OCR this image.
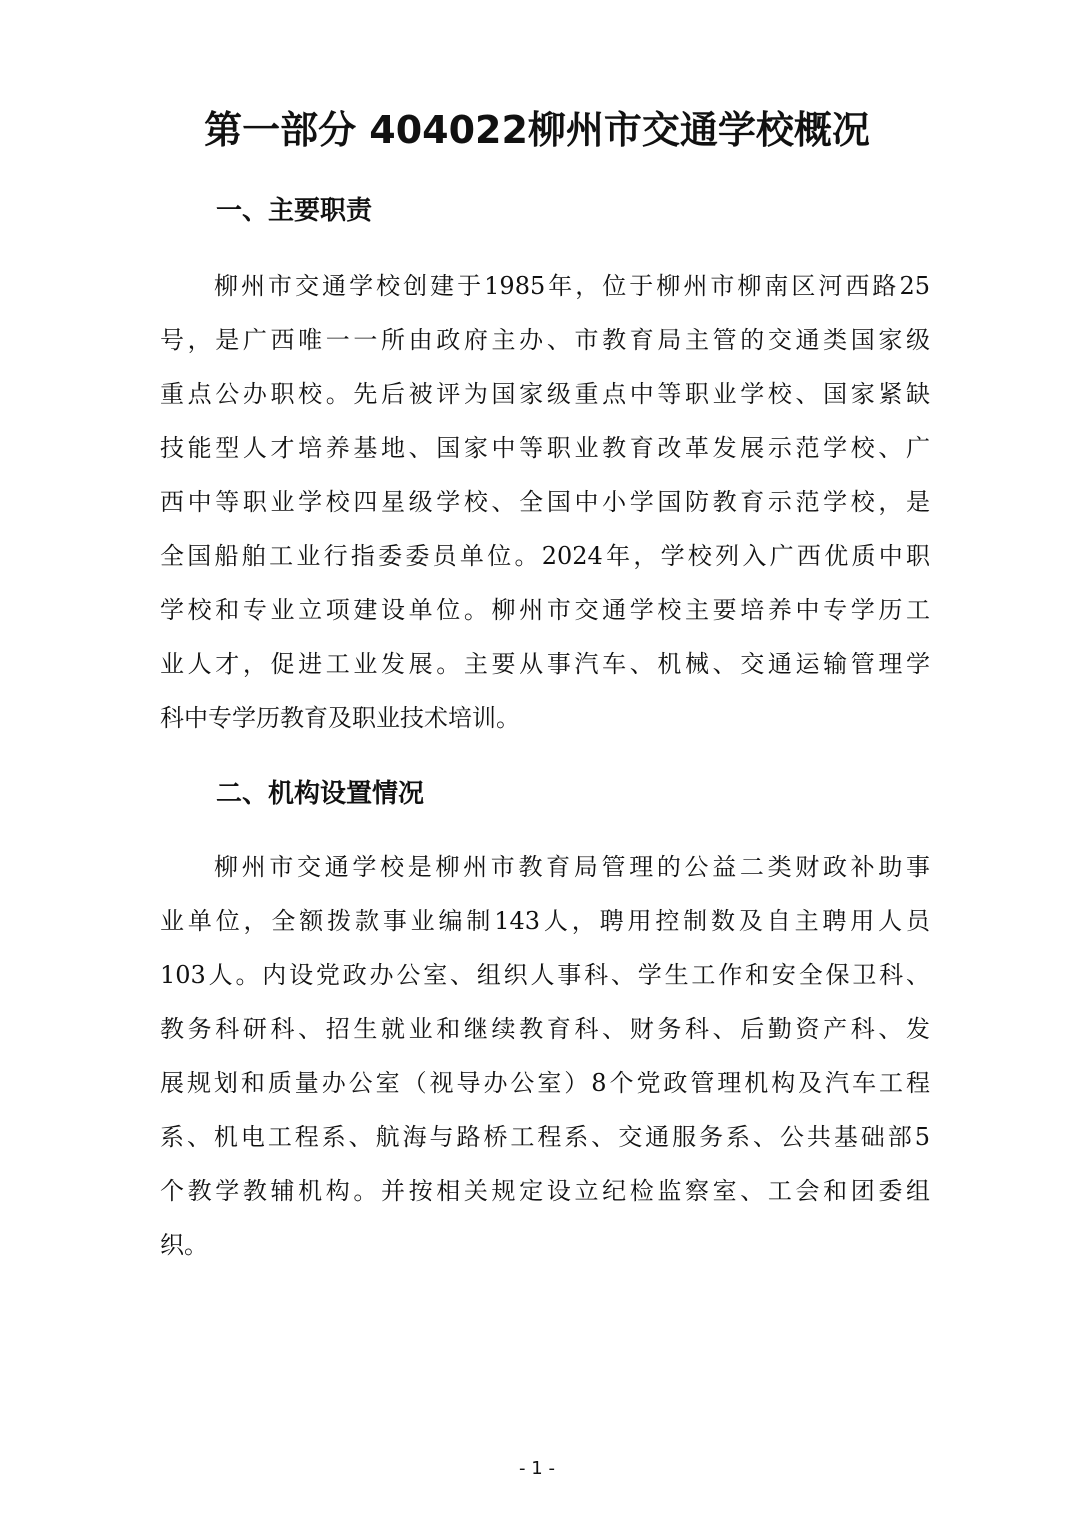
第一部分 404022柳州市交通学校概况
一、主要职责
柳州市交通学校创建于1985年，位于柳州市柳南区河西路25
号，是广西唯一一所由政府主办、市教育局主管的交通类国家级
重点公办职校。先后被评为国家级重点中等职业学校、国家紧缺
技能型人才培养基地、国家中等职业教育改革发展示范学校、广
西中等职业学校四星级学校、全国中小学国防教育示范学校，是
全国船舶工业行指委委员单位。2024年，学校列入广西优质中职
学校和专业立项建设单位。柳州市交通学校主要培养中专学历工
业人才，促进工业发展。主要从事汽车、机械、交通运输管理学
科中专学历教育及职业技术培训。
二、机构设置情况
柳州市交通学校是柳州市教育局管理的公益二类财政补助事
业单位，全额拨款事业编制143人，聘用控制数及自主聘用人员
103人。内设党政办公室、组织人事科、学生工作和安全保卫科、
教务科研科、招生就业和继续教育科、财务科、后勤资产科、发
展规划和质量办公室（视导办公室）8个党政管理机构及汽车工程
系、机电工程系、航海与路桥工程系、交通服务系、公共基础部5
个教学教辅机构。并按相关规定设立纪检监察室、工会和团委组
织。
- 1 -
